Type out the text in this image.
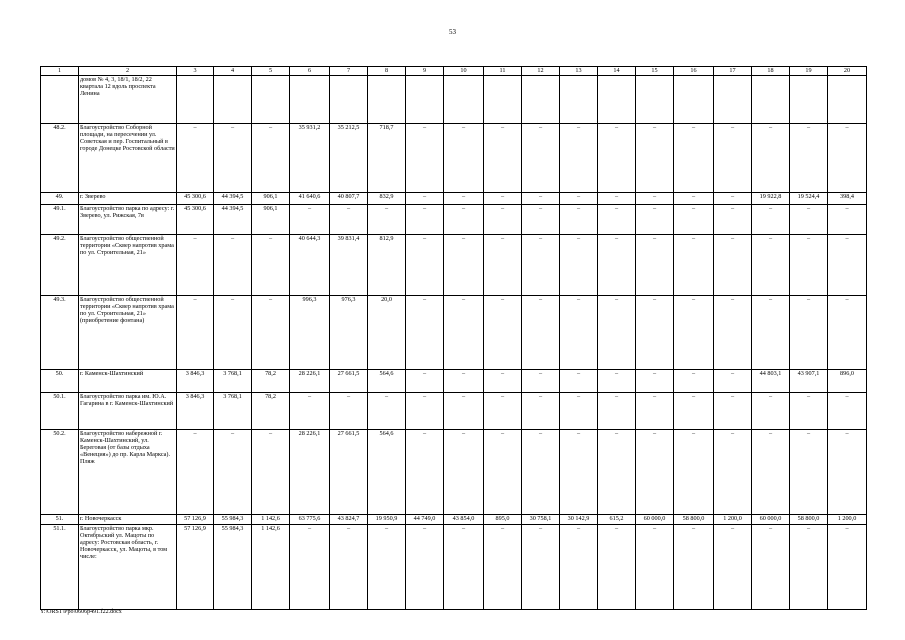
53
1	2	3	4	5	6	7	8	9	10	11	12	13	14	15	16	17	18	19	20
	домов № 4, 3, 18/1, 18/2, 22 квартала 12 вдоль проспекта Ленина																		
48.2.	Благоустройство Соборной площади, на пересечении ул. Советская и пер. Госпитальный в городе Донецке Ростовской области	–	–	–	35 931,2	35 212,5	718,7	–	–	–	–	–	–	–	–	–	–	–	–
49.	г. Зверево	45 300,6	44 394,5	906,1	41 640,6	40 807,7	832,9	–	–	–	–	–	–	–	–	–	19 922,8	19 524,4	398,4
49.1.	Благоустройство парка по адресу: г. Зверево, ул. Рижская, 7в	45 300,6	44 394,5	906,1	–	–	–	–	–	–	–	–	–	–	–	–	–	–	–
49.2.	Благоустройство общественной территории «Сквер напротив храма по ул. Строительная, 21»	–	–	–	40 644,3	39 831,4	812,9	–	–	–	–	–	–	–	–	–	–	–	–
49.3.	Благоустройство общественной территории «Сквер напротив храма по ул. Строительная, 21» (приобретение фонтана)	–	–	–	996,3	976,3	20,0	–	–	–	–	–	–	–	–	–	–	–	–
50.	г. Каменск-Шахтинский	3 846,3	3 768,1	78,2	28 226,1	27 661,5	564,6	–	–	–	–	–	–	–	–	–	44 803,1	43 907,1	896,0
50.1.	Благоустройство парка им. Ю.А. Гагарина в г. Каменск-Шахтинский	3 846,3	3 768,1	78,2	–	–	–	–	–	–	–	–	–	–	–	–	–	–	–
50.2.	Благоустройство набережной г. Каменск-Шахтинский, ул. Береговая (от базы отдыха «Венеция») до пр. Карла Маркса). Пляж	–	–	–	28 226,1	27 661,5	564,6	–	–	–	–	–	–	–	–	–	–	–	–
51.	г. Новочеркасск	57 126,9	55 984,3	1 142,6	63 775,6	43 824,7	19 950,9	44 749,0	43 854,0	895,0	30 758,1	30 142,9	615,2	60 000,0	58 800,0	1 200,0	60 000,0	58 800,0	1 200,0
51.1.	Благоустройство парка мкр. Октябрьский ул. Мацоты по адресу: Ростовская область, г. Новочеркасск, ул. Мацоты, в том числе:	57 126,9	55 984,3	1 142,6	–	–	–	–	–	–	–	–	–	–	–	–	–	–	–
Y:\ORST\Ppo\0606p491.f22.docx
